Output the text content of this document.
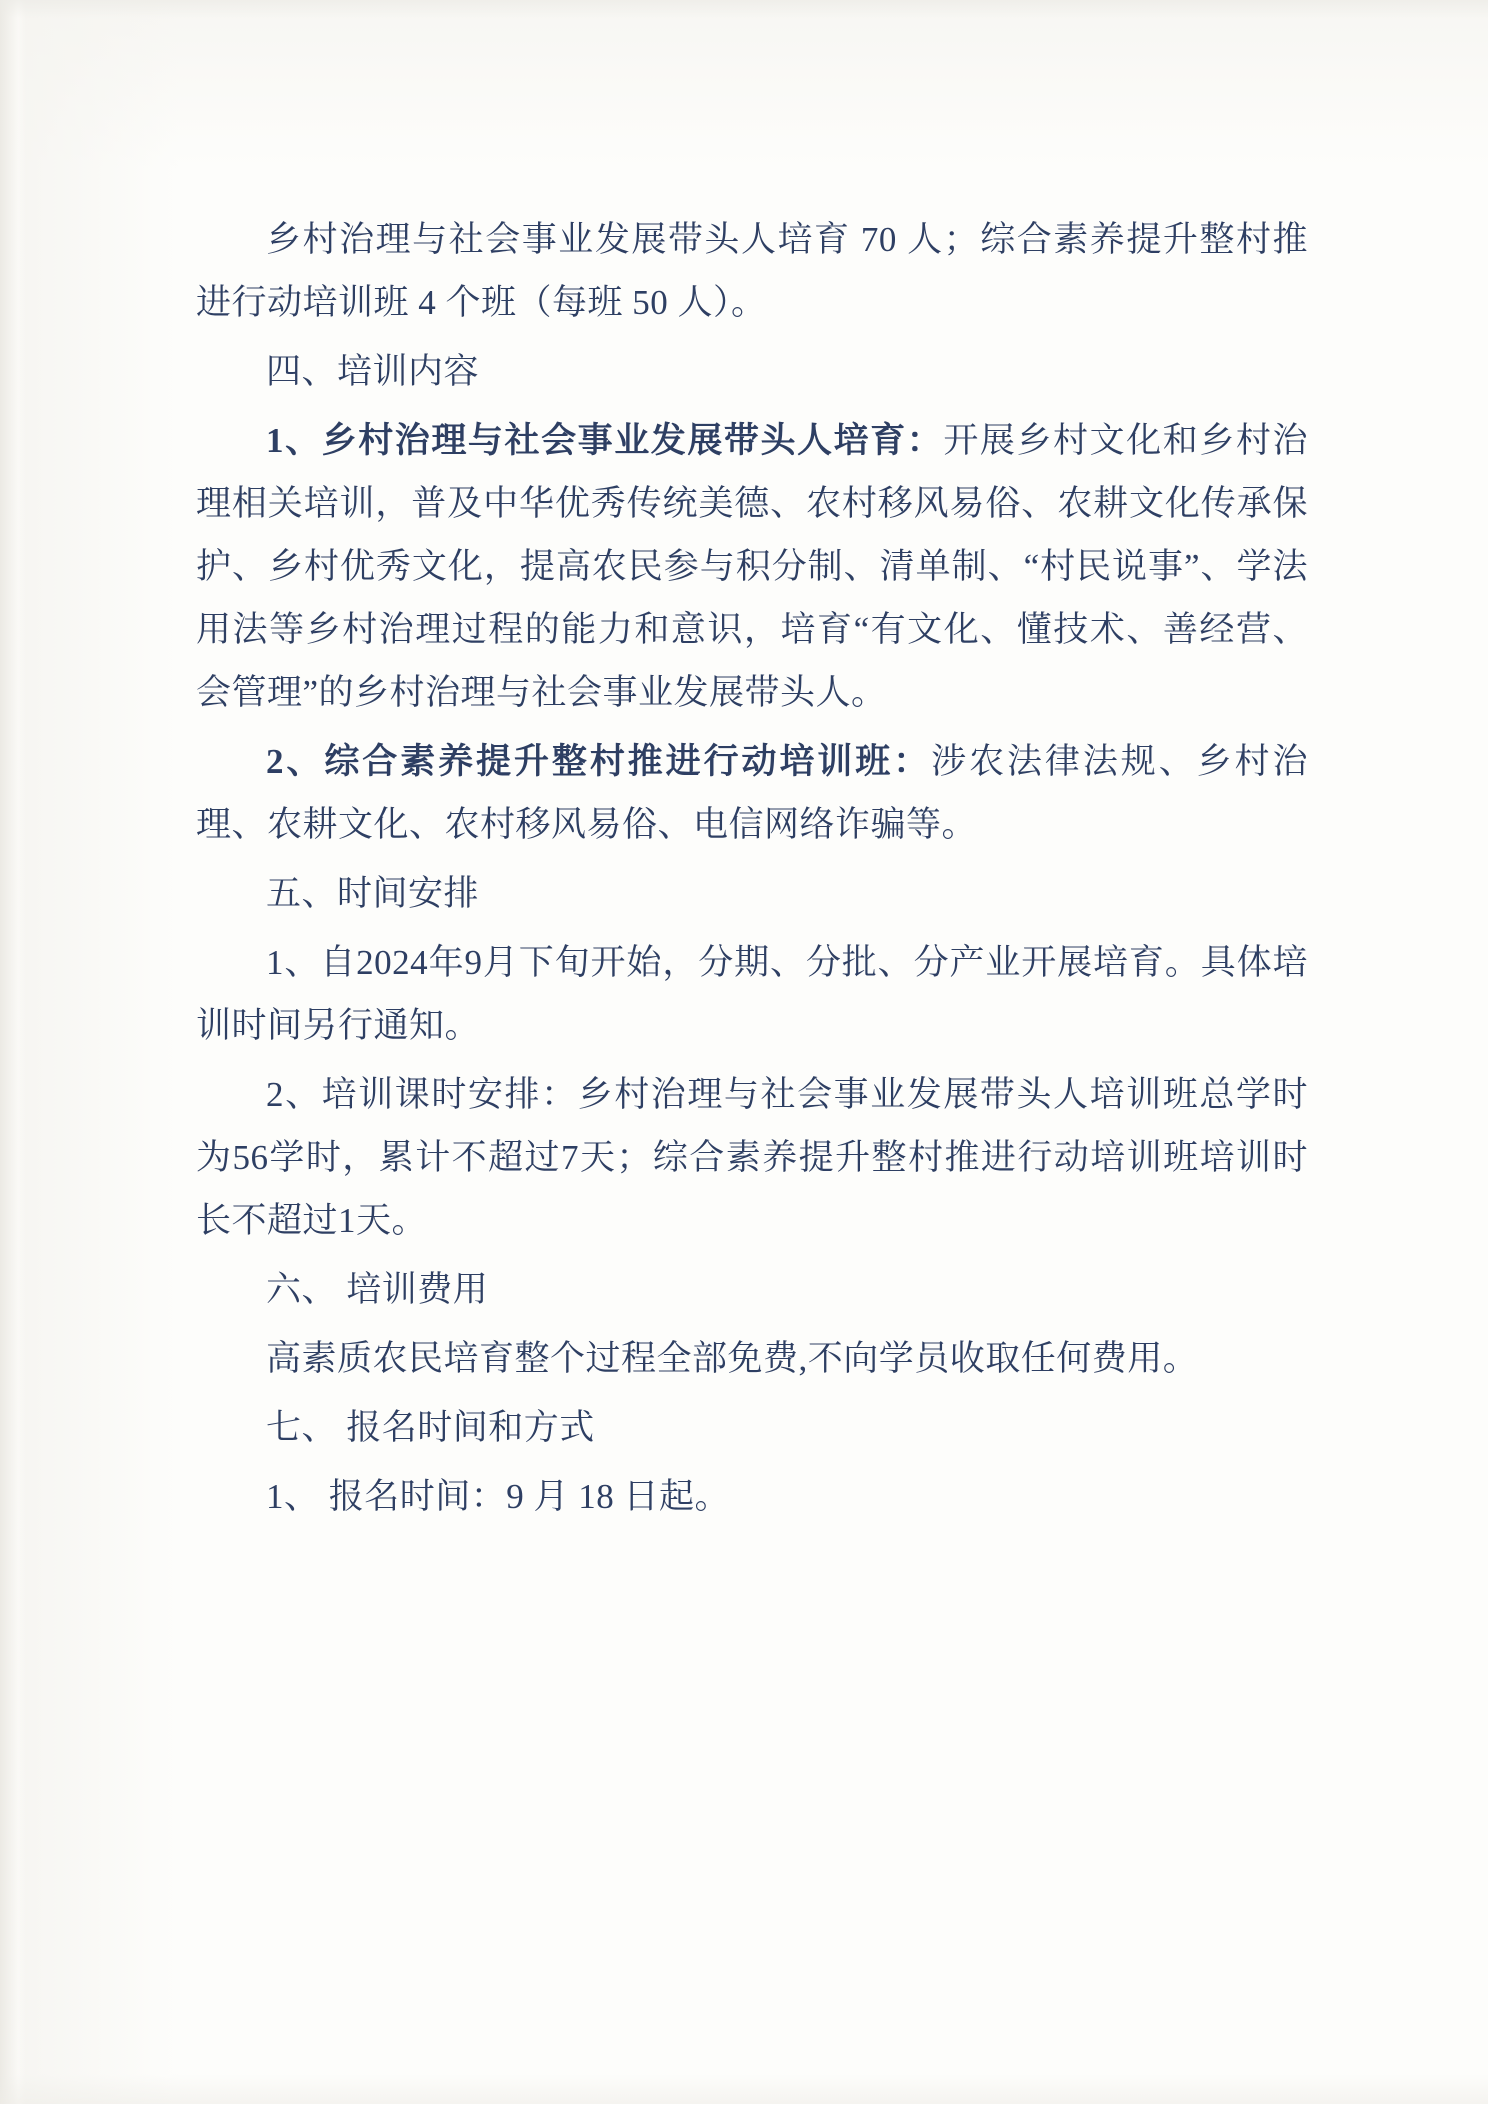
乡村治理与社会事业发展带头人培育 70 人；综合素养提升整村推进行动培训班 4 个班（每班 50 人）。

四、培训内容

1、乡村治理与社会事业发展带头人培育：开展乡村文化和乡村治理相关培训，普及中华优秀传统美德、农村移风易俗、农耕文化传承保护、乡村优秀文化，提高农民参与积分制、清单制、“村民说事”、学法用法等乡村治理过程的能力和意识，培育“有文化、懂技术、善经营、会管理”的乡村治理与社会事业发展带头人。

2、综合素养提升整村推进行动培训班：涉农法律法规、乡村治理、农耕文化、农村移风易俗、电信网络诈骗等。

五、时间安排

1、自2024年9月下旬开始，分期、分批、分产业开展培育。具体培训时间另行通知。

2、培训课时安排：乡村治理与社会事业发展带头人培训班总学时为56学时，累计不超过7天；综合素养提升整村推进行动培训班培训时长不超过1天。

六、 培训费用

高素质农民培育整个过程全部免费,不向学员收取任何费用。

七、 报名时间和方式

1、 报名时间：9 月 18 日起。
